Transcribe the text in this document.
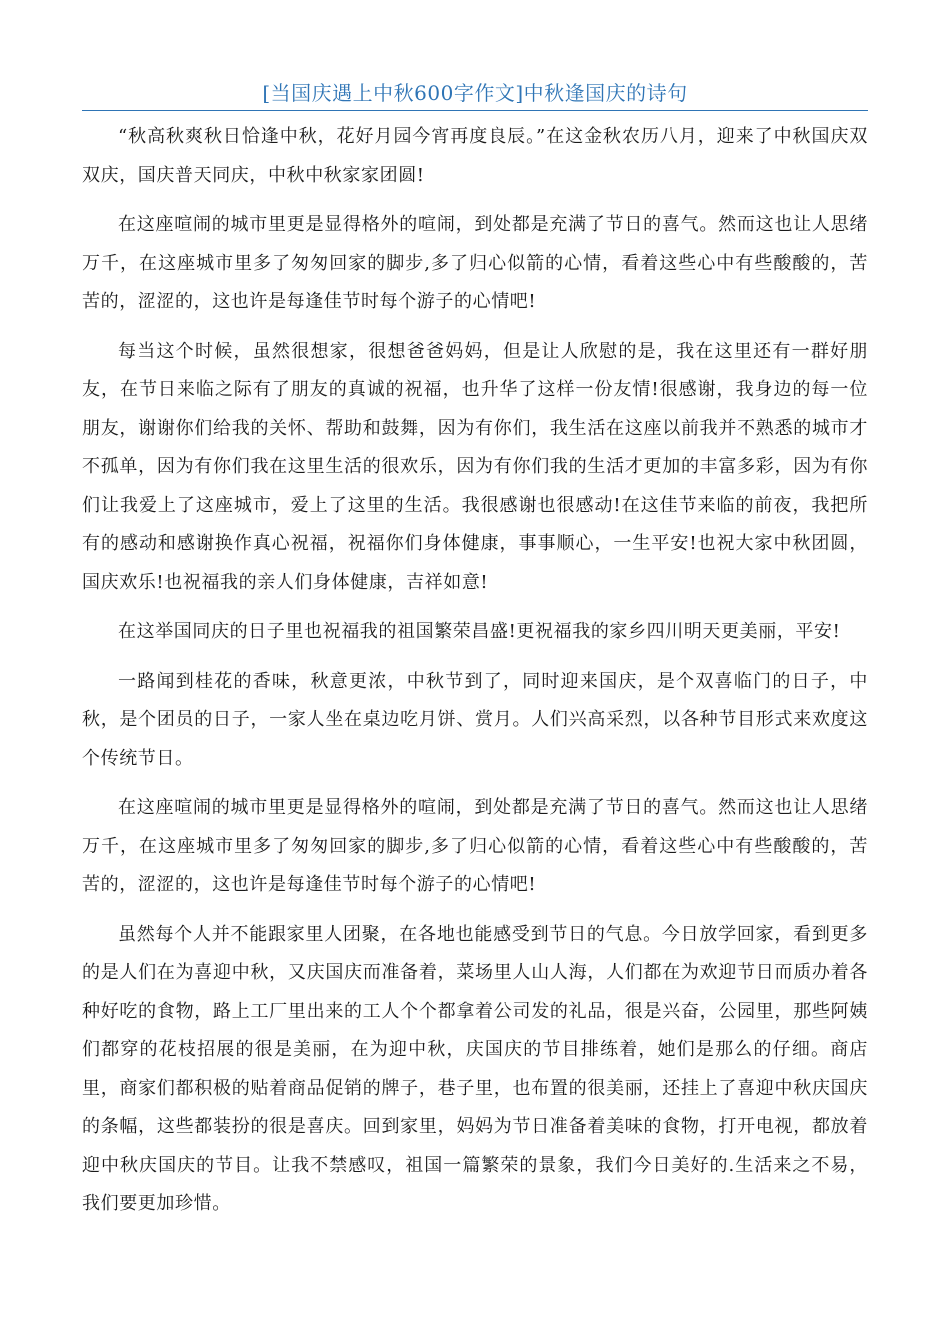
[当国庆遇上中秋600字作文]中秋逢国庆的诗句

“秋高秋爽秋日恰逢中秋，花好月园今宵再度良辰。”在这金秋农历八月，迎来了中秋国庆双双庆，国庆普天同庆，中秋中秋家家团圆!

在这座喧闹的城市里更是显得格外的喧闹，到处都是充满了节日的喜气。然而这也让人思绪万千，在这座城市里多了匆匆回家的脚步,多了归心似箭的心情，看着这些心中有些酸酸的，苦苦的，涩涩的，这也许是每逢佳节时每个游子的心情吧!

每当这个时候，虽然很想家，很想爸爸妈妈，但是让人欣慰的是，我在这里还有一群好朋友，在节日来临之际有了朋友的真诚的祝福，也升华了这样一份友情!很感谢，我身边的每一位朋友，谢谢你们给我的关怀、帮助和鼓舞，因为有你们，我生活在这座以前我并不熟悉的城市才不孤单，因为有你们我在这里生活的很欢乐，因为有你们我的生活才更加的丰富多彩，因为有你们让我爱上了这座城市，爱上了这里的生活。我很感谢也很感动!在这佳节来临的前夜，我把所有的感动和感谢换作真心祝福，祝福你们身体健康，事事顺心，一生平安!也祝大家中秋团圆，国庆欢乐!也祝福我的亲人们身体健康，吉祥如意!

在这举国同庆的日子里也祝福我的祖国繁荣昌盛!更祝福我的家乡四川明天更美丽，平安!

一路闻到桂花的香味，秋意更浓，中秋节到了，同时迎来国庆，是个双喜临门的日子，中秋，是个团员的日子，一家人坐在桌边吃月饼、赏月。人们兴高采烈，以各种节目形式来欢度这个传统节日。

在这座喧闹的城市里更是显得格外的喧闹，到处都是充满了节日的喜气。然而这也让人思绪万千，在这座城市里多了匆匆回家的脚步,多了归心似箭的心情，看着这些心中有些酸酸的，苦苦的，涩涩的，这也许是每逢佳节时每个游子的心情吧!

虽然每个人并不能跟家里人团聚，在各地也能感受到节日的气息。今日放学回家，看到更多的是人们在为喜迎中秋，又庆国庆而准备着，菜场里人山人海，人们都在为欢迎节日而质办着各种好吃的食物，路上工厂里出来的工人个个都拿着公司发的礼品，很是兴奋，公园里，那些阿姨们都穿的花枝招展的很是美丽，在为迎中秋，庆国庆的节目排练着，她们是那么的仔细。商店里，商家们都积极的贴着商品促销的牌子，巷子里，也布置的很美丽，还挂上了喜迎中秋庆国庆的条幅，这些都装扮的很是喜庆。回到家里，妈妈为节日准备着美味的食物，打开电视，都放着迎中秋庆国庆的节目。让我不禁感叹，祖国一篇繁荣的景象，我们今日美好的.生活来之不易，我们要更加珍惜。
